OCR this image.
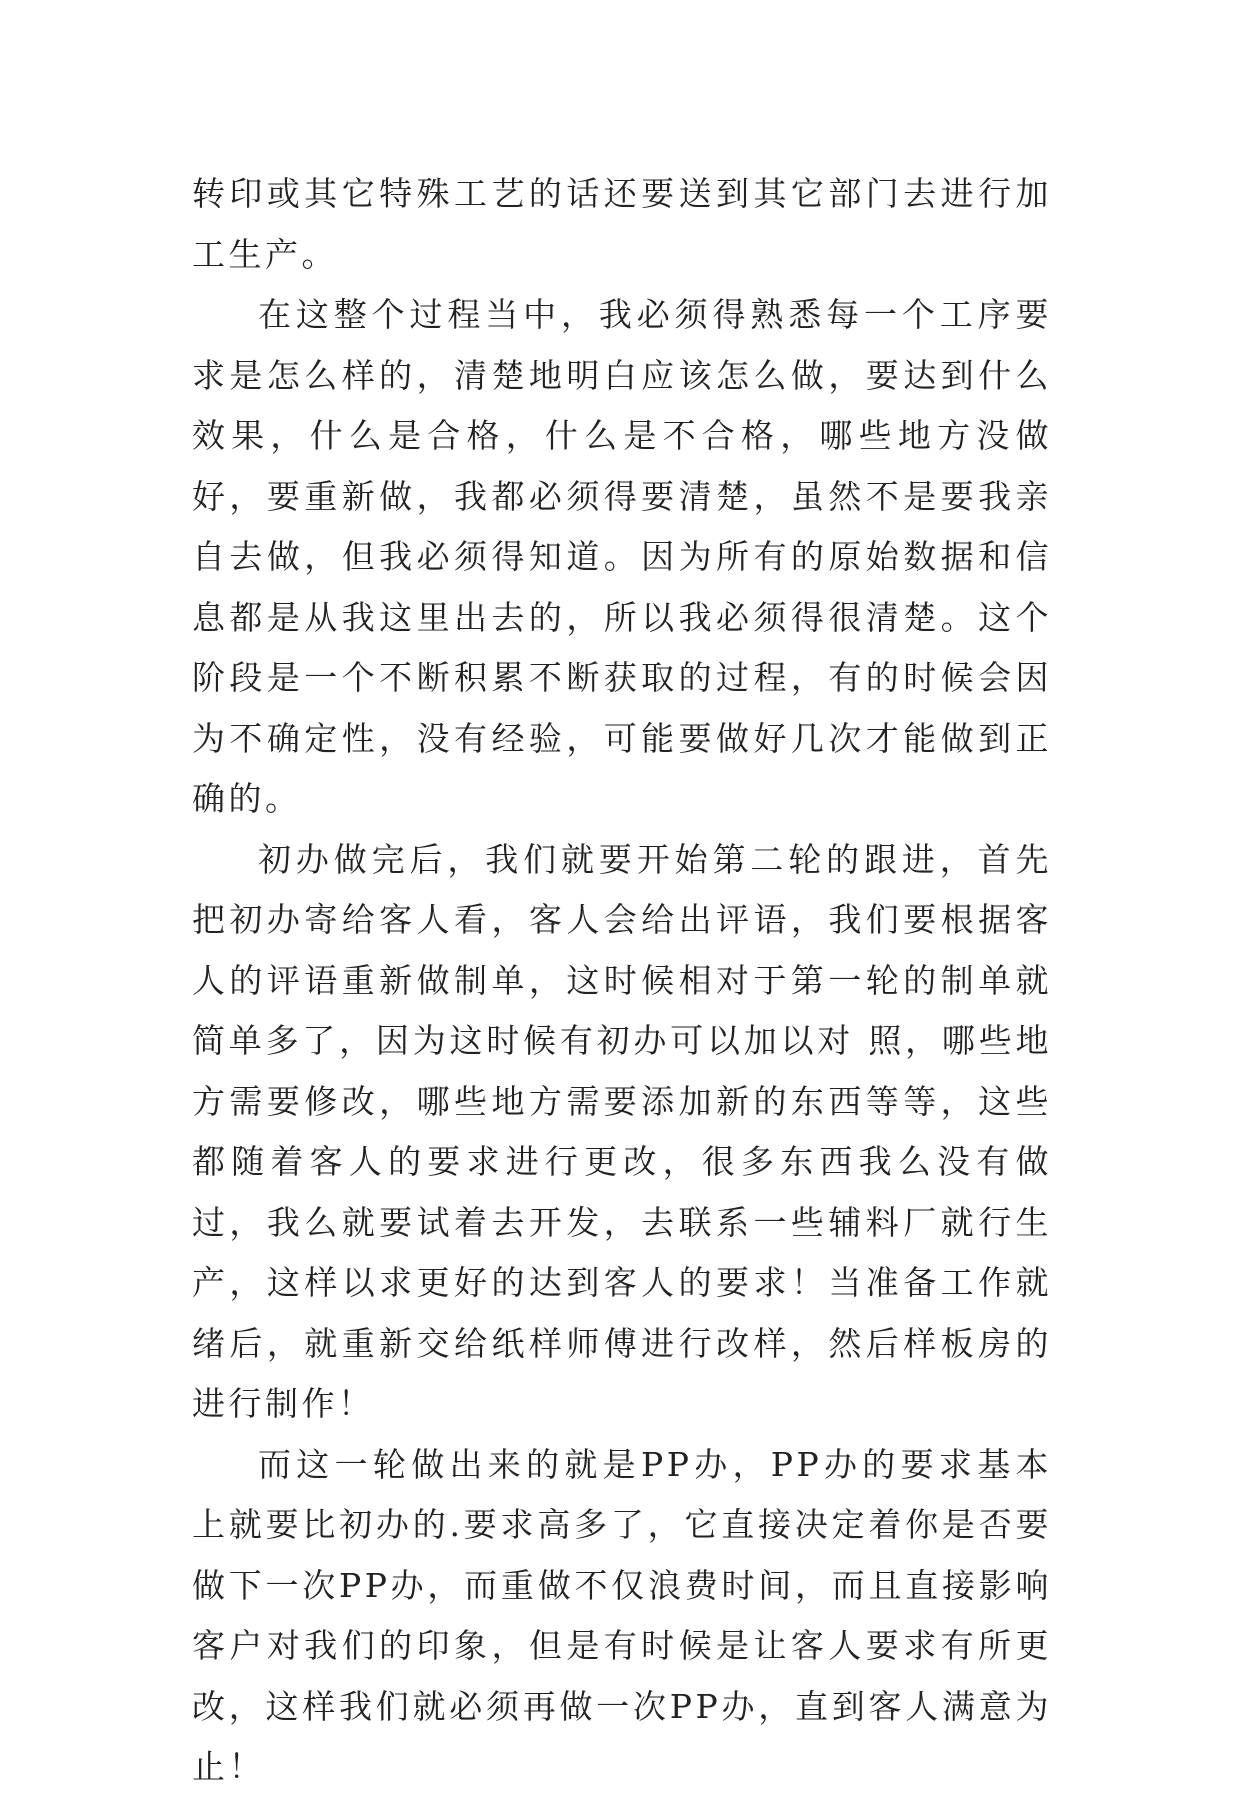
转印或其它特殊工艺的话还要送到其它部门去进行加工生产。

在这整个过程当中，我必须得熟悉每一个工序要求是怎么样的，清楚地明白应该怎么做，要达到什么效果，什么是合格，什么是不合格，哪些地方没做好，要重新做，我都必须得要清楚，虽然不是要我亲自去做，但我必须得知道。因为所有的原始数据和信息都是从我这里出去的，所以我必须得很清楚。这个阶段是一个不断积累不断获取的过程，有的时候会因为不确定性，没有经验，可能要做好几次才能做到正确的。

初办做完后，我们就要开始第二轮的跟进，首先把初办寄给客人看，客人会给出评语，我们要根据客人的评语重新做制单，这时候相对于第一轮的制单就简单多了，因为这时候有初办可以加以对 照，哪些地方需要修改，哪些地方需要添加新的东西等等，这些都随着客人的要求进行更改，很多东西我么没有做过，我么就要试着去开发，去联系一些辅料厂就行生产，这样以求更好的达到客人的要求！当准备工作就绪后，就重新交给纸样师傅进行改样，然后样板房的进行制作！

而这一轮做出来的就是PP办，PP办的要求基本上就要比初办的.要求高多了，它直接决定着你是否要做下一次PP办，而重做不仅浪费时间，而且直接影响客户对我们的印象，但是有时候是让客人要求有所更改，这样我们就必须再做一次PP办，直到客人满意为止！
